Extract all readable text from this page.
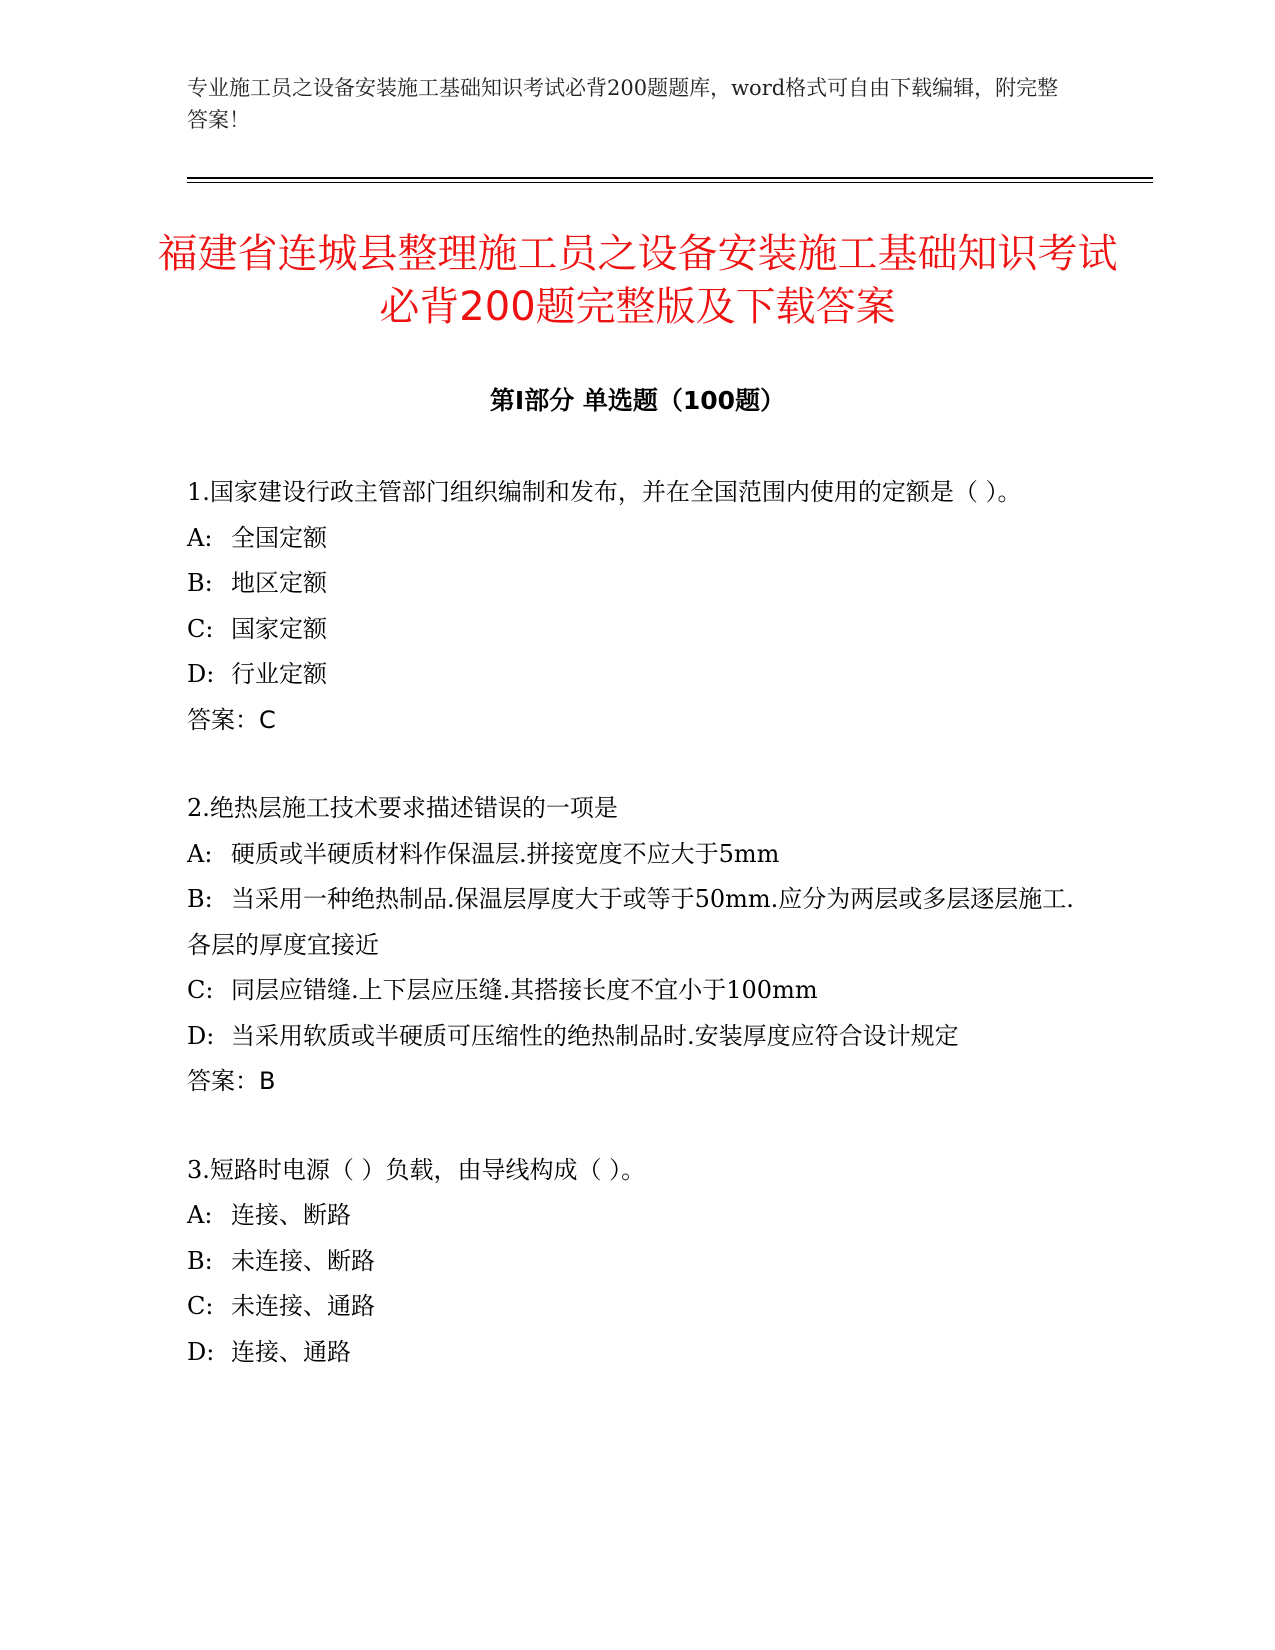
专业施工员之设备安装施工基础知识考试必背200题题库，word格式可自由下载编辑，附完整答案！
福建省连城县整理施工员之设备安装施工基础知识考试必背200题完整版及下载答案
第I部分 单选题（100题）

1.国家建设行政主管部门组织编制和发布，并在全国范围内使用的定额是（ ）。

A: 全国定额

B: 地区定额

C: 国家定额

D: 行业定额

答案：C

2.绝热层施工技术要求描述错误的一项是

A: 硬质或半硬质材料作保温层.拼接宽度不应大于5mm

B: 当采用一种绝热制品.保温层厚度大于或等于50mm.应分为两层或多层逐层施工.各层的厚度宜接近

C: 同层应错缝.上下层应压缝.其搭接长度不宜小于100mm

D: 当采用软质或半硬质可压缩性的绝热制品时.安装厚度应符合设计规定

答案：B

3.短路时电源（ ）负载，由导线构成（ ）。

A: 连接、断路

B: 未连接、断路

C: 未连接、通路

D: 连接、通路
